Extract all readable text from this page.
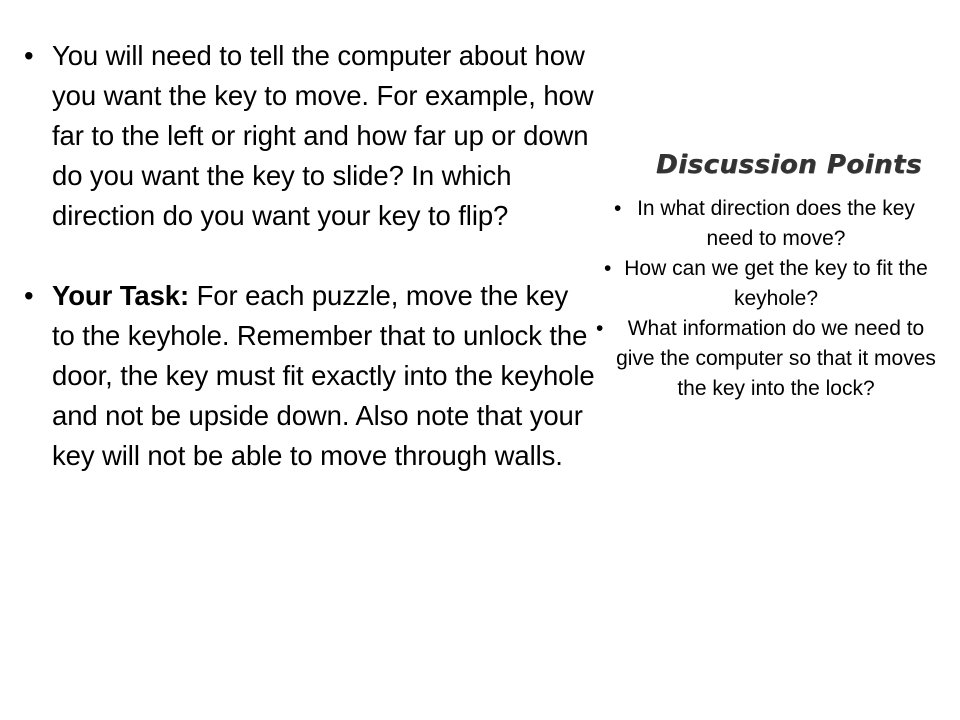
• You will need to tell the computer about how you want the key to move. For example, how far to the left or right and how far up or down do you want the key to slide? In which direction do you want your key to flip?
• Your Task: For each puzzle, move the key to the keyhole. Remember that to unlock the door, the key must fit exactly into the keyhole and not be upside down. Also note that your key will not be able to move through walls.
Discussion Points
• In what direction does the key need to move?
• How can we get the key to fit the keyhole?
• What information do we need to give the computer so that it moves the key into the lock?
